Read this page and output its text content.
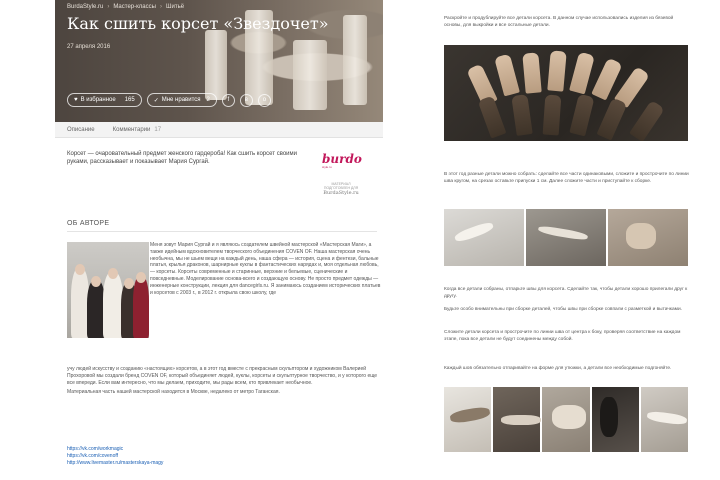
BurdaStyle.ru › Мастер-классы › Шитьё
Как сшить корсет «Звездочет»
27 апреля 2016
♥ В избранное 165	✓ Мне нравится 2	f	в	о
Описание	Комментарии 17
Корсет — очаровательный предмет женского гардероба! Как сшить корсет своими руками, рассказывает и показывает Мария Сургай.	burdo
style.ru
МАТЕРИАЛ ПОДГОТОВЛЕН ДЛЯ
BurdaStyle.ru
ОБ АВТОРЕ
Меня зовут Мария Сургай и я являюсь создателем швейной мастерской «Мастерская Маги», а также идейным вдохновителем творческого объединения COVEN OF. Наша мастерская очень необычна, мы не шьем вещи на каждый день, наша сфера — история, сцена и фентези, бальные платья, крылья драконов, шарнирные куклы в фантастических нарядах и, моя отдельная любовь, — корсеты. Корсеты современные и старинные, верхние и бельевые, сценические и повседневные. Моделирование основа-всего и создающую основу. Не просто предмет одежды — инженерные конструкции, лекция для dancegirls.ru. Я занимаюсь созданием исторических платьев и корсетов с 2003 г., в 2012 г. открыла свою школу, где

учу людей искусству и созданию «настоящих» корсетов, а в этот год вместе с прекрасным скульптором и художником Валерией Прохоровой мы создали бренд COVEN OF, который объединяет людей, куклы, корсеты и скульптурное творчество, и у которого еще все впереди. Если вам интересно, что мы делаем, приходите, мы рады всем, кто привлекает необычное.

Материальная часть нашей мастерской находится в Москве, недалеко от метро Таганская.

https://vk.com/workmagic
https://vk.com/covenoff
http://www.livemaster.ru/masterskaya-magy
Раскройте и продублируйте все детали корсета. В данном случае использовались изделия из бязевой основы, для выкройки и все остальные детали.
В этот год разные детали можно собрать: сделайте все части одинаковыми, сложите и прострочите по линии шва кругом, на срезах оставьте припуски 1 см. Далее сложите части и приступайте к сборке.
Когда все детали собраны, отпарьте швы для корсета. Сделайте так, чтобы детали хорошо прилегали друг к другу.
Будьте особо внимательны при сборке деталей, чтобы швы при сборке совпали с разметкой и вытачками.
Сложите детали корсета и прострочите по линии шва от центра к боку, проверяя соответствие на каждом этапе, пока все детали не будут соединены между собой.
Каждый шов обязательно отпаривайте на форме для утюжки, а детали все необходимые подгоняйте.
